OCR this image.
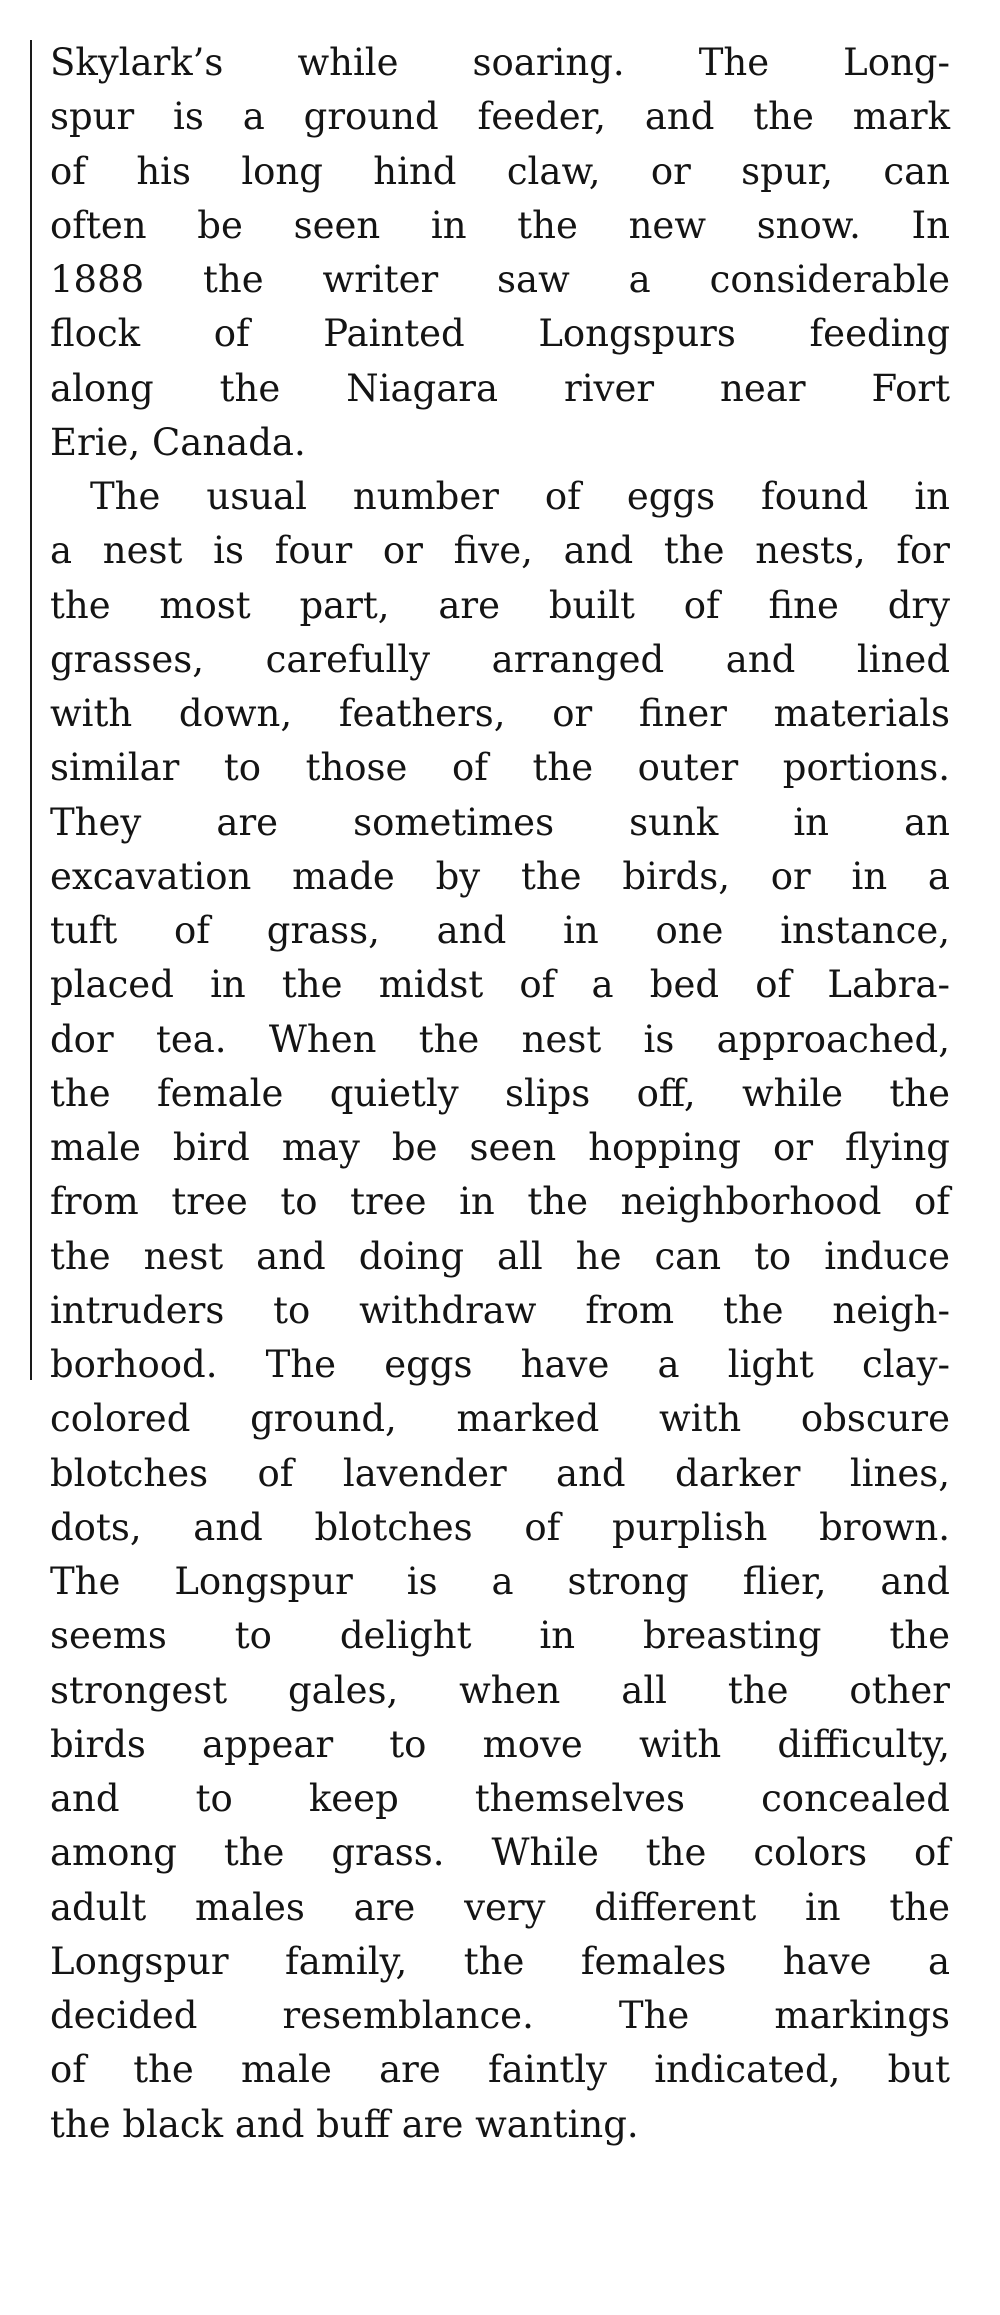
Skylark’s while soaring. The Long-
spur is a ground feeder, and the mark
of his long hind claw, or spur, can
often be seen in the new snow. In
1888 the writer saw a considerable
flock of Painted Longspurs feeding
along the Niagara river near Fort
Erie, Canada.
The usual number of eggs found in
a nest is four or five, and the nests, for
the most part, are built of fine dry
grasses, carefully arranged and lined
with down, feathers, or finer materials
similar to those of the outer portions.
They are sometimes sunk in an
excavation made by the birds, or in a
tuft of grass, and in one instance,
placed in the midst of a bed of Labra-
dor tea. When the nest is approached,
the female quietly slips off, while the
male bird may be seen hopping or flying
from tree to tree in the neighborhood of
the nest and doing all he can to induce
intruders to withdraw from the neigh-
borhood. The eggs have a light clay-
colored ground, marked with obscure
blotches of lavender and darker lines,
dots, and blotches of purplish brown.
The Longspur is a strong flier, and
seems to delight in breasting the
strongest gales, when all the other
birds appear to move with difficulty,
and to keep themselves concealed
among the grass. While the colors of
adult males are very different in the
Longspur family, the females have a
decided resemblance. The markings
of the male are faintly indicated, but
the black and buff are wanting.
